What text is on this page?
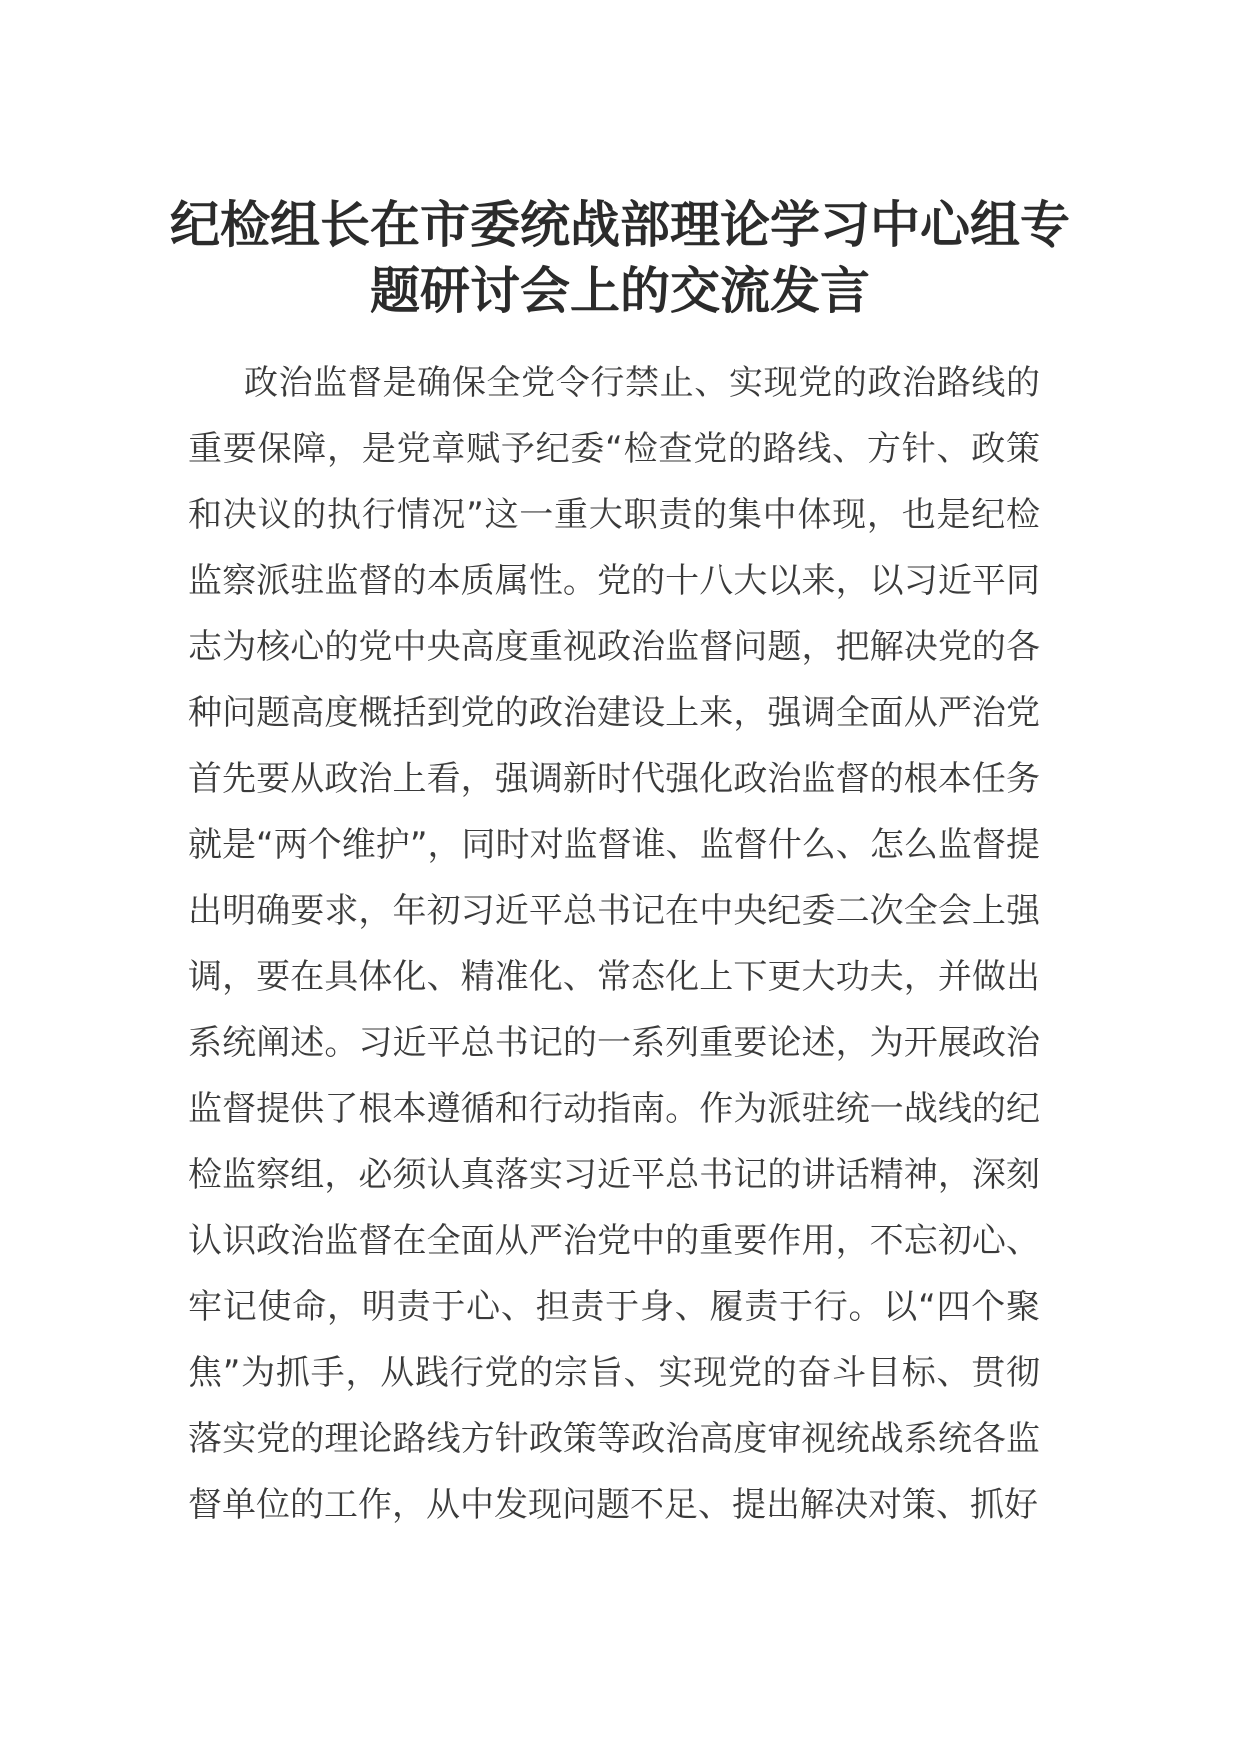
纪检组长在市委统战部理论学习中心组专题研讨会上的交流发言

政治监督是确保全党令行禁止、实现党的政治路线的重要保障，是党章赋予纪委“检查党的路线、方针、政策和决议的执行情况”这一重大职责的集中体现，也是纪检监察派驻监督的本质属性。党的十八大以来，以习近平同志为核心的党中央高度重视政治监督问题，把解决党的各种问题高度概括到党的政治建设上来，强调全面从严治党首先要从政治上看，强调新时代强化政治监督的根本任务就是“两个维护”，同时对监督谁、监督什么、怎么监督提出明确要求，年初习近平总书记在中央纪委二次全会上强调，要在具体化、精准化、常态化上下更大功夫，并做出系统阐述。习近平总书记的一系列重要论述，为开展政治监督提供了根本遵循和行动指南。作为派驻统一战线的纪检监察组，必须认真落实习近平总书记的讲话精神，深刻认识政治监督在全面从严治党中的重要作用，不忘初心、牢记使命，明责于心、担责于身、履责于行。以“四个聚焦”为抓手，从践行党的宗旨、实现党的奋斗目标、贯彻落实党的理论路线方针政策等政治高度审视统战系统各监督单位的工作，从中发现问题不足、提出解决对策、抓好
